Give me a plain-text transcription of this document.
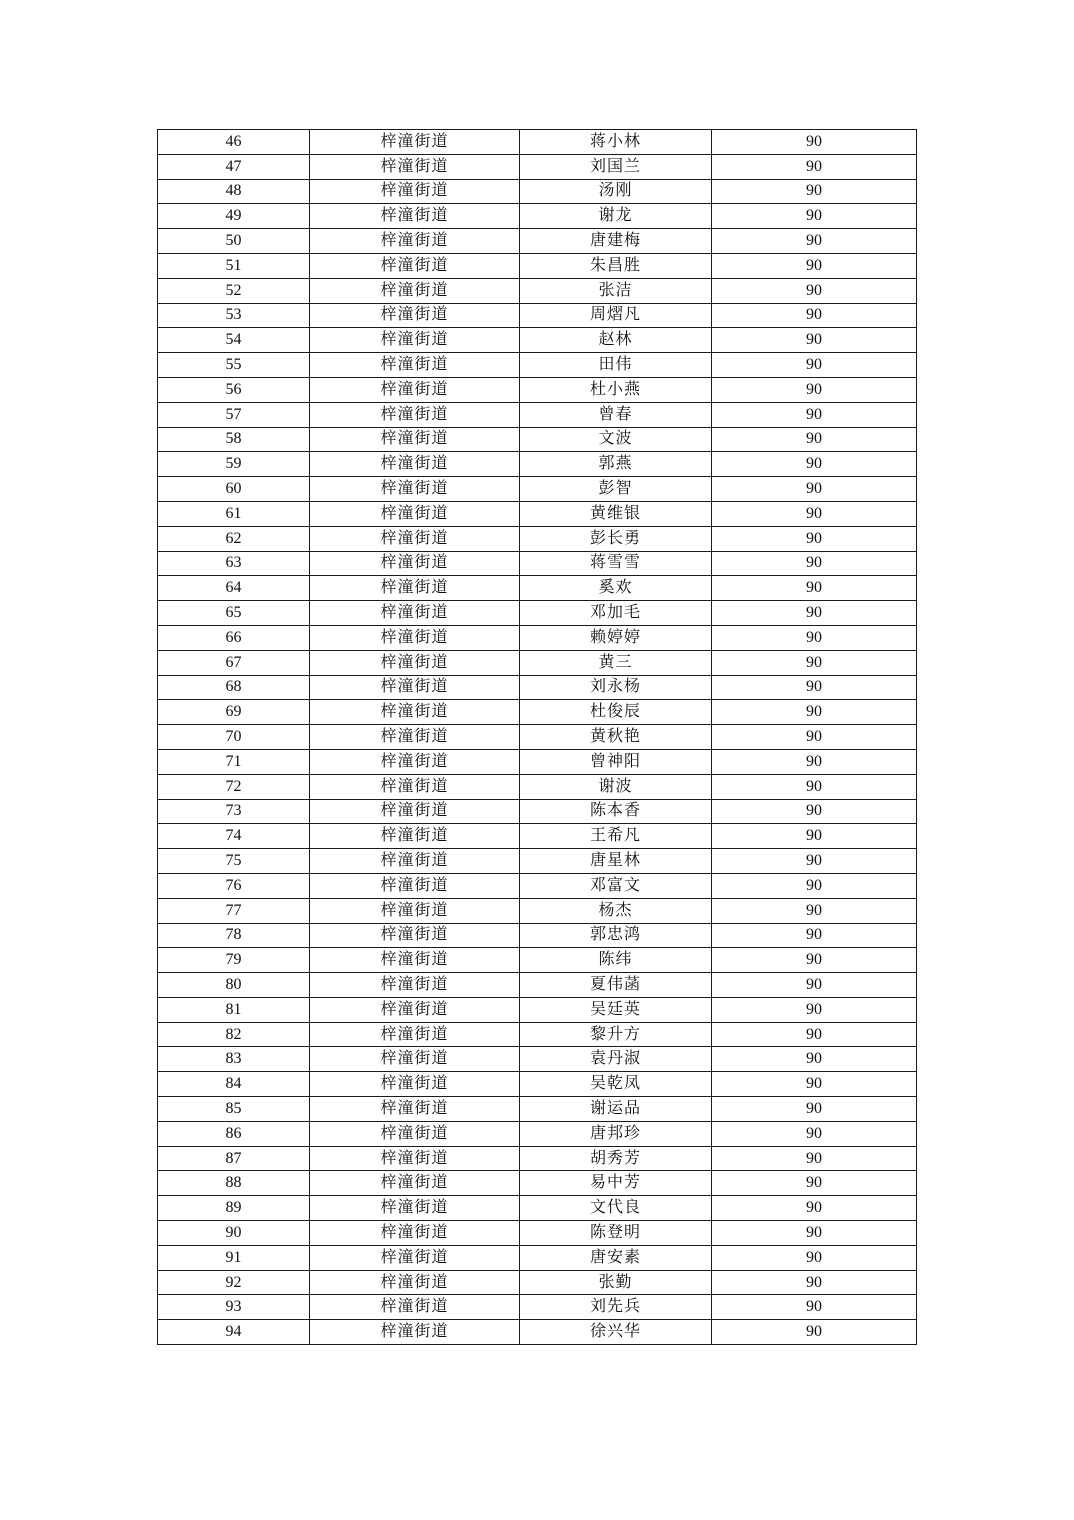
46	梓潼街道	蒋小林	90
47	梓潼街道	刘国兰	90
48	梓潼街道	汤刚	90
49	梓潼街道	谢龙	90
50	梓潼街道	唐建梅	90
51	梓潼街道	朱昌胜	90
52	梓潼街道	张洁	90
53	梓潼街道	周熠凡	90
54	梓潼街道	赵林	90
55	梓潼街道	田伟	90
56	梓潼街道	杜小燕	90
57	梓潼街道	曾春	90
58	梓潼街道	文波	90
59	梓潼街道	郭燕	90
60	梓潼街道	彭智	90
61	梓潼街道	黄维银	90
62	梓潼街道	彭长勇	90
63	梓潼街道	蒋雪雪	90
64	梓潼街道	奚欢	90
65	梓潼街道	邓加毛	90
66	梓潼街道	赖婷婷	90
67	梓潼街道	黄三	90
68	梓潼街道	刘永杨	90
69	梓潼街道	杜俊辰	90
70	梓潼街道	黄秋艳	90
71	梓潼街道	曾神阳	90
72	梓潼街道	谢波	90
73	梓潼街道	陈本香	90
74	梓潼街道	王希凡	90
75	梓潼街道	唐星林	90
76	梓潼街道	邓富文	90
77	梓潼街道	杨杰	90
78	梓潼街道	郭忠鸿	90
79	梓潼街道	陈纬	90
80	梓潼街道	夏伟菡	90
81	梓潼街道	吴廷英	90
82	梓潼街道	黎升方	90
83	梓潼街道	袁丹淑	90
84	梓潼街道	吴乾凤	90
85	梓潼街道	谢运品	90
86	梓潼街道	唐邦珍	90
87	梓潼街道	胡秀芳	90
88	梓潼街道	易中芳	90
89	梓潼街道	文代良	90
90	梓潼街道	陈登明	90
91	梓潼街道	唐安素	90
92	梓潼街道	张勤	90
93	梓潼街道	刘先兵	90
94	梓潼街道	徐兴华	90
